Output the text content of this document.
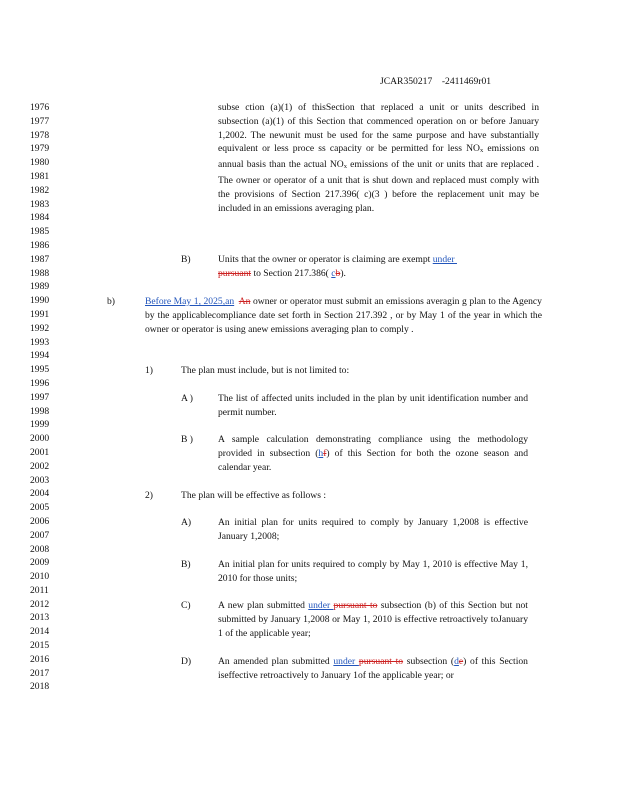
JCAR350217    -2411469r01
1976
1977
1978
1979
1980
1981
1982
1983
1984
1985
1986
1987
1988
1989
1990
1991
1992
1993
1994
1995
1996
1997
1998
1999
2000
2001
2002
2003
2004
2005
2006
2007
2008
2009
2010
2011
2012
2013
2014
2015
2016
2017
2018
subse ction (a)(1) of thisSection that replaced a unit or units described in subsection (a)(1) of this Section that commenced operation on or before January 1,2002. The newunit must be used for the same purpose and have substantially equivalent or less proce ss capacity or be permitted for less NOx emissions on annual basis than the actual NOx emissions of the unit or units that are replaced . The owner or operator of a unit that is shut down and replaced must comply with the provisions of Section 217.396( c)(3 ) before the replacement unit may be included in an emissions averaging plan.
B)	Units that the owner or operator is claiming are exempt under pursuant to Section 217.386( cb).
b)	Before May 1, 2025,an An owner or operator must submit an emissions averagin g plan to the Agency by the applicablecompliance date set forth in Section 217.392 , or by May 1 of the year in which the owner or operator is using anew emissions averaging plan to comply .
1)	The plan must include, but is not limited to:
A )	The list of affected units included in the plan by unit identification number and permit number.
B )	A sample calculation demonstrating compliance using the methodology provided in subsection (hf) of this Section for both the ozone season and calendar year.
2)	The plan will be effective as follows :
A)	An initial plan for units required to comply by January 1,2008 is effective January 1,2008;
B)	An initial plan for units required to comply by May 1, 2010 is effective May 1, 2010 for those units;
C)	A new plan submitted under pursuant to subsection (b) of this Section but not submitted by January 1,2008 or May 1, 2010 is effective retroactively toJanuary 1 of the applicable year;
D)	An amended plan submitted under pursuant to subsection (de) of this Section iseffective retroactively to January 1of the applicable year; or
